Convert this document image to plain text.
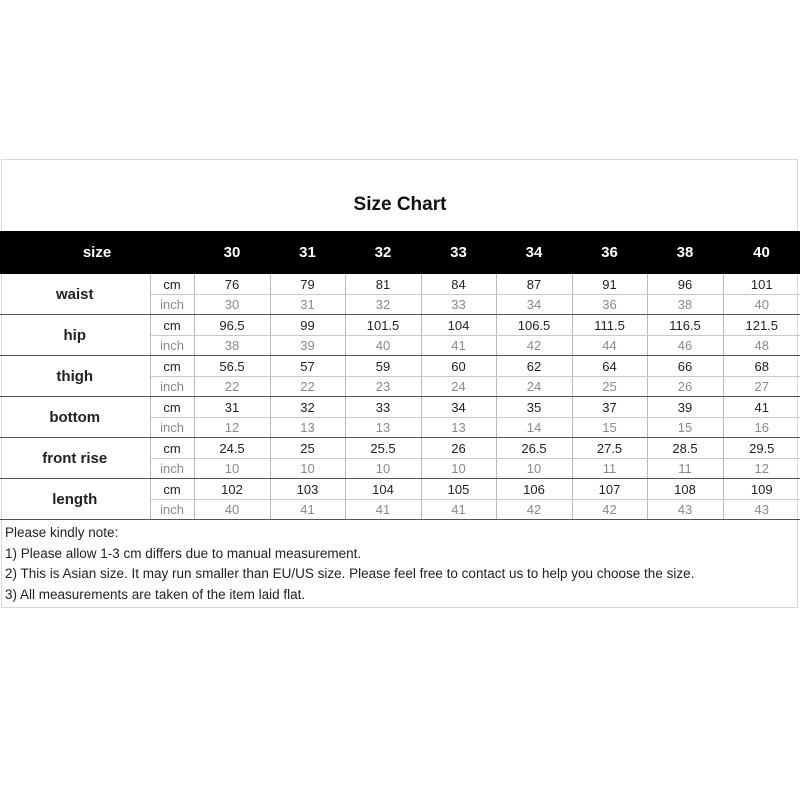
Size Chart
size		30	31	32	33	34	36	38	40
waist	cm	76	79	81	84	87	91	96	101
	inch	30	31	32	33	34	36	38	40
hip	cm	96.5	99	101.5	104	106.5	111.5	116.5	121.5
	inch	38	39	40	41	42	44	46	48
thigh	cm	56.5	57	59	60	62	64	66	68
	inch	22	22	23	24	24	25	26	27
bottom	cm	31	32	33	34	35	37	39	41
	inch	12	13	13	13	14	15	15	16
front rise	cm	24.5	25	25.5	26	26.5	27.5	28.5	29.5
	inch	10	10	10	10	10	11	11	12
length	cm	102	103	104	105	106	107	108	109
	inch	40	41	41	41	42	42	43	43
Please kindly note:
1) Please allow 1-3 cm differs due to manual measurement.
2) This is Asian size. It may run smaller than EU/US size. Please feel free to contact us to help you choose the size.
3) All measurements are taken of the item laid flat.
